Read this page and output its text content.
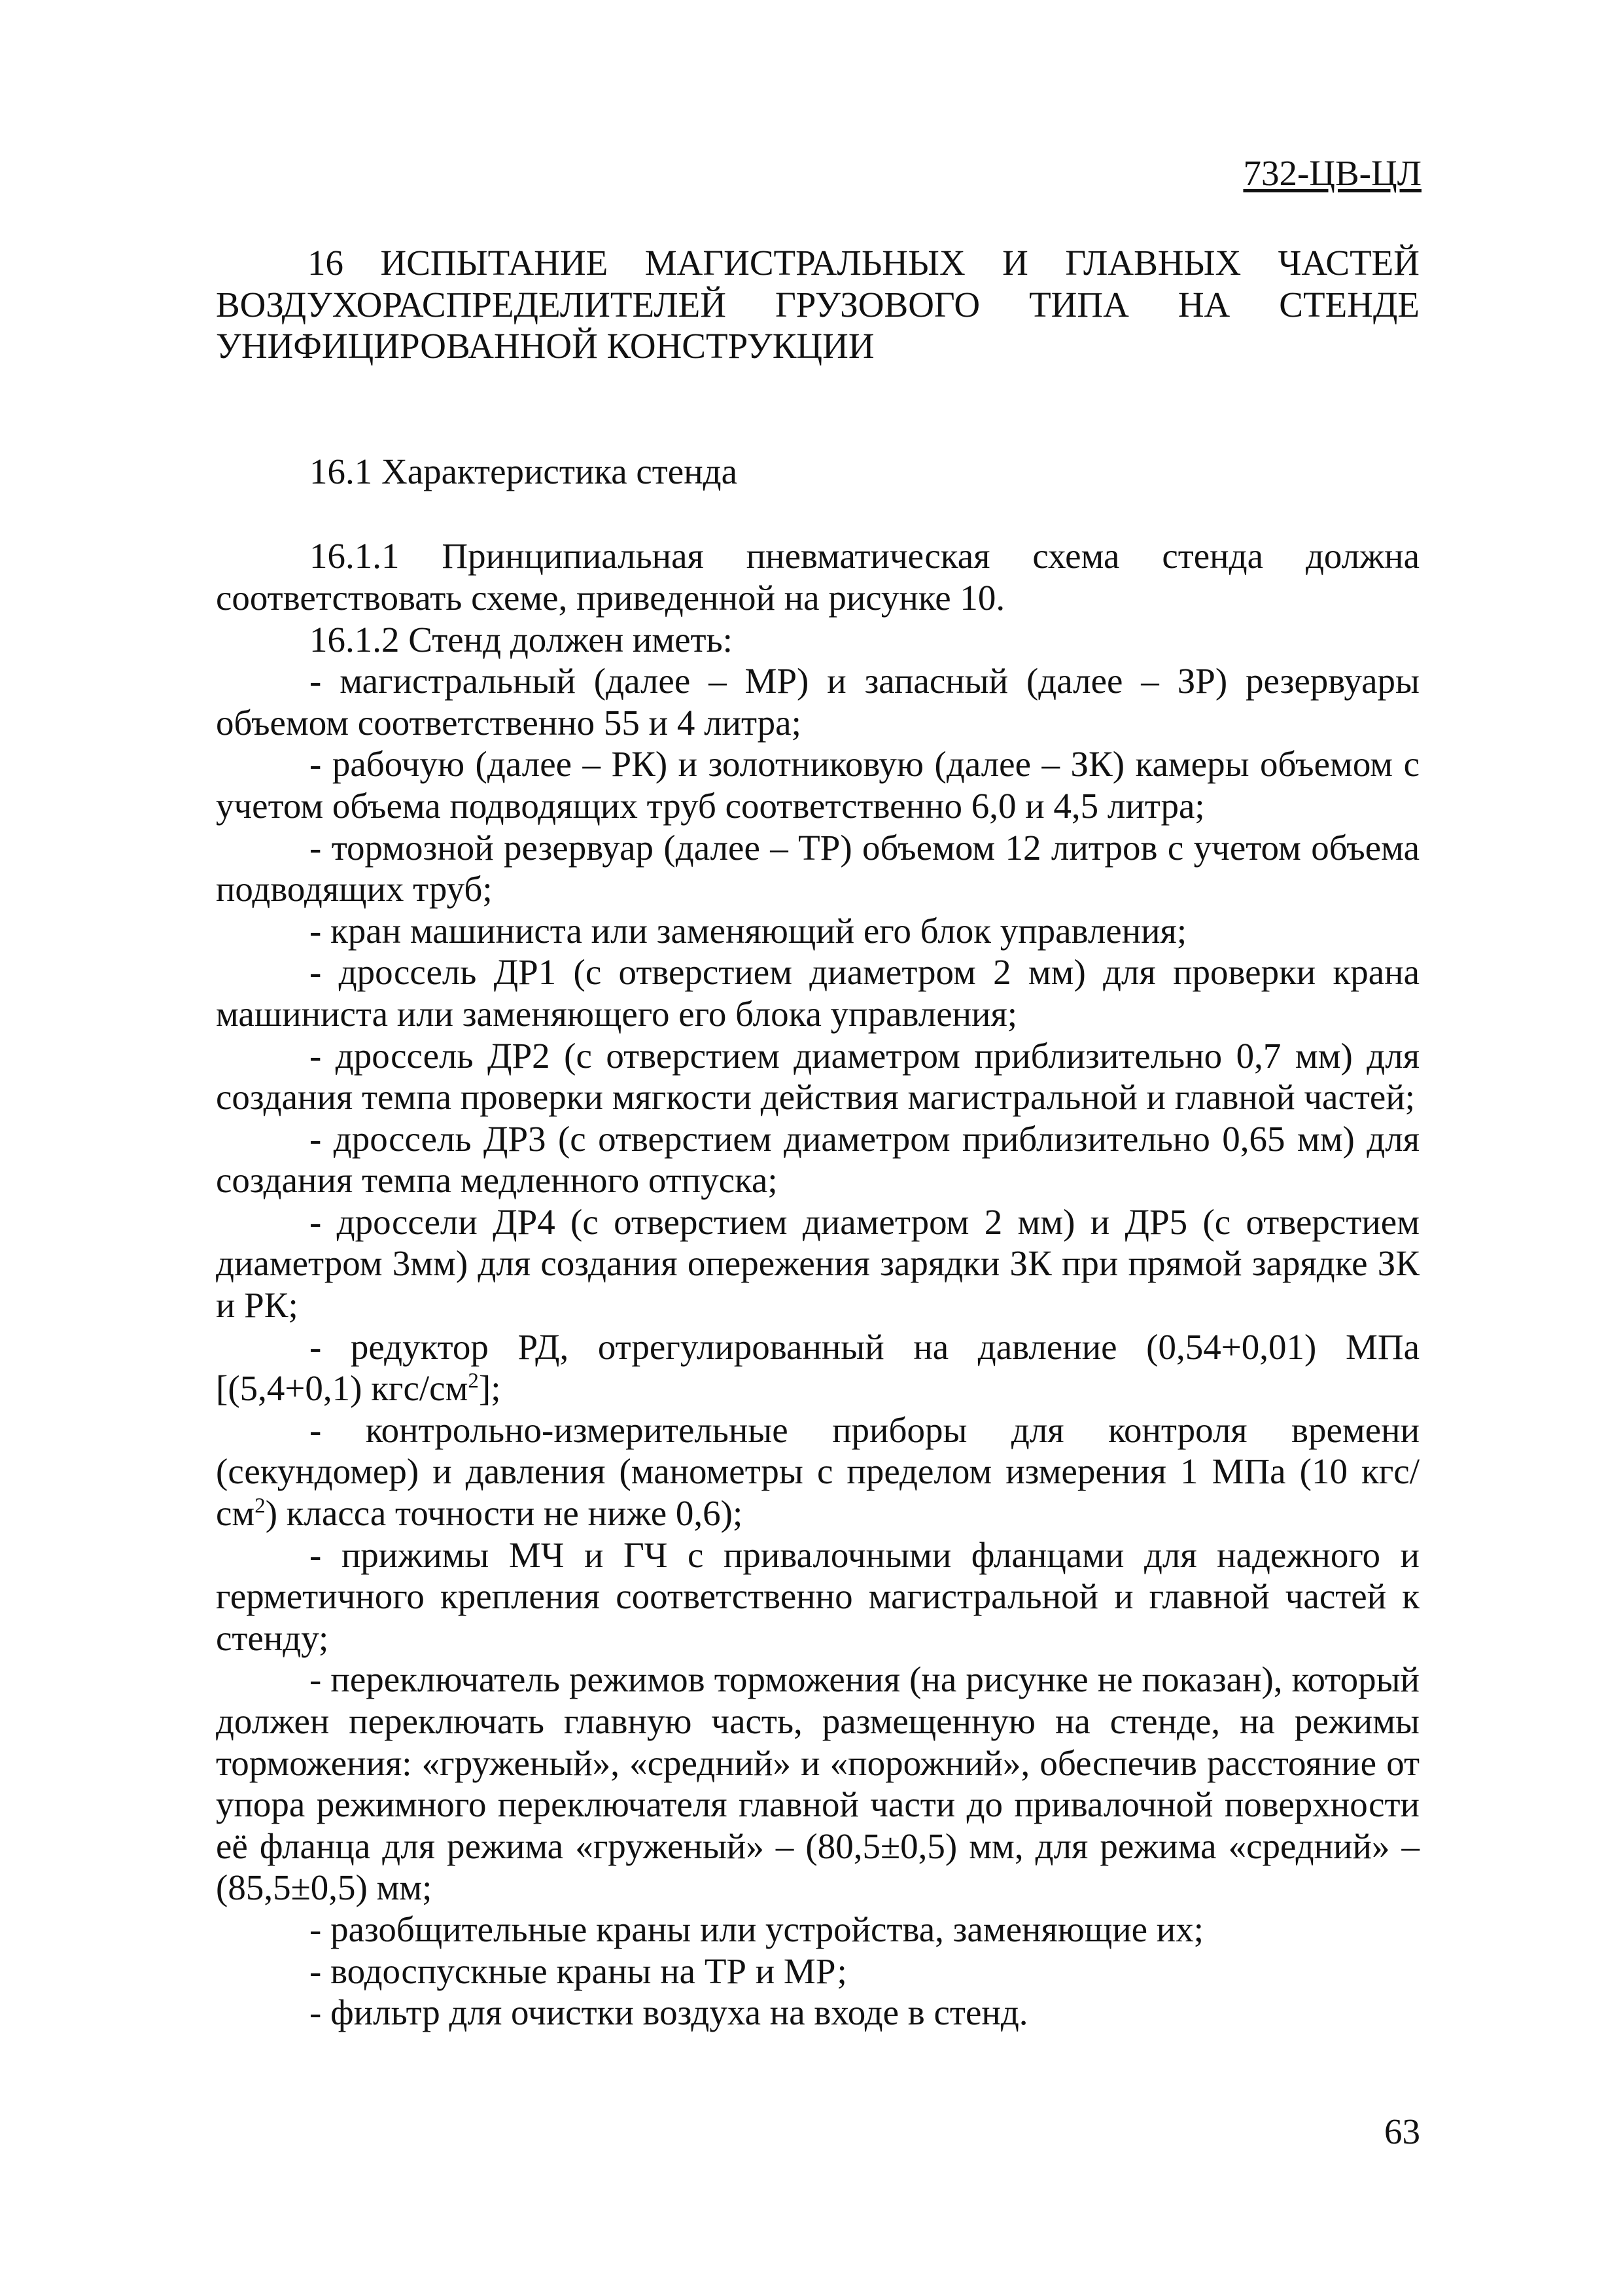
732-ЦВ-ЦЛ

16 ИСПЫТАНИЕ МАГИСТРАЛЬНЫХ И ГЛАВНЫХ ЧАСТЕЙ ВОЗДУХОРАСПРЕДЕЛИТЕЛЕЙ ГРУЗОВОГО ТИПА НА СТЕНДЕ УНИФИЦИРОВАННОЙ КОНСТРУКЦИИ

16.1 Характеристика стенда

16.1.1 Принципиальная пневматическая схема стенда должна соответствовать схеме, приведенной на рисунке 10.

16.1.2 Стенд должен иметь:

- магистральный (далее – МР) и запасный (далее – ЗР) резервуары объемом соответственно 55 и 4 литра;

- рабочую (далее – РК) и золотниковую (далее – ЗК) камеры объемом с учетом объема подводящих труб соответственно 6,0 и 4,5 литра;

- тормозной резервуар (далее – ТР) объемом 12 литров с учетом объема подводящих труб;

- кран машиниста или заменяющий его блок управления;

- дроссель ДР1 (с отверстием диаметром 2 мм) для проверки крана машиниста или заменяющего его блока управления;

- дроссель ДР2 (с отверстием диаметром приблизительно 0,7 мм) для создания темпа проверки мягкости действия магистральной и главной частей;

- дроссель ДР3 (с отверстием диаметром приблизительно 0,65 мм) для создания темпа медленного отпуска;

- дроссели ДР4 (с отверстием диаметром 2 мм) и ДР5 (с отверстием диаметром 3мм) для создания опережения зарядки ЗК при прямой зарядке ЗК и РК;

- редуктор РД, отрегулированный на давление (0,54+0,01) МПа [(5,4+0,1) кгс/$см^2$];

- контрольно-измерительные приборы для контроля времени (секундомер) и давления (манометры с пределом измерения 1 МПа (10 кгс/$см^2$) класса точности не ниже 0,6);

- прижимы МЧ и ГЧ с привалочными фланцами для надежного и герметичного крепления соответственно магистральной и главной частей к стенду;

- переключатель режимов торможения (на рисунке не показан), который должен переключать главную часть, размещенную на стенде, на режимы торможения: «груженый», «средний» и «порожний», обеспечив расстояние от упора режимного переключателя главной части до привалочной поверхности её фланца для режима «груженый» – (80,5±0,5) мм, для режима «средний» – (85,5±0,5) мм;

- разобщительные краны или устройства, заменяющие их;

- водоспускные краны на ТР и МР;

- фильтр для очистки воздуха на входе в стенд.

63
